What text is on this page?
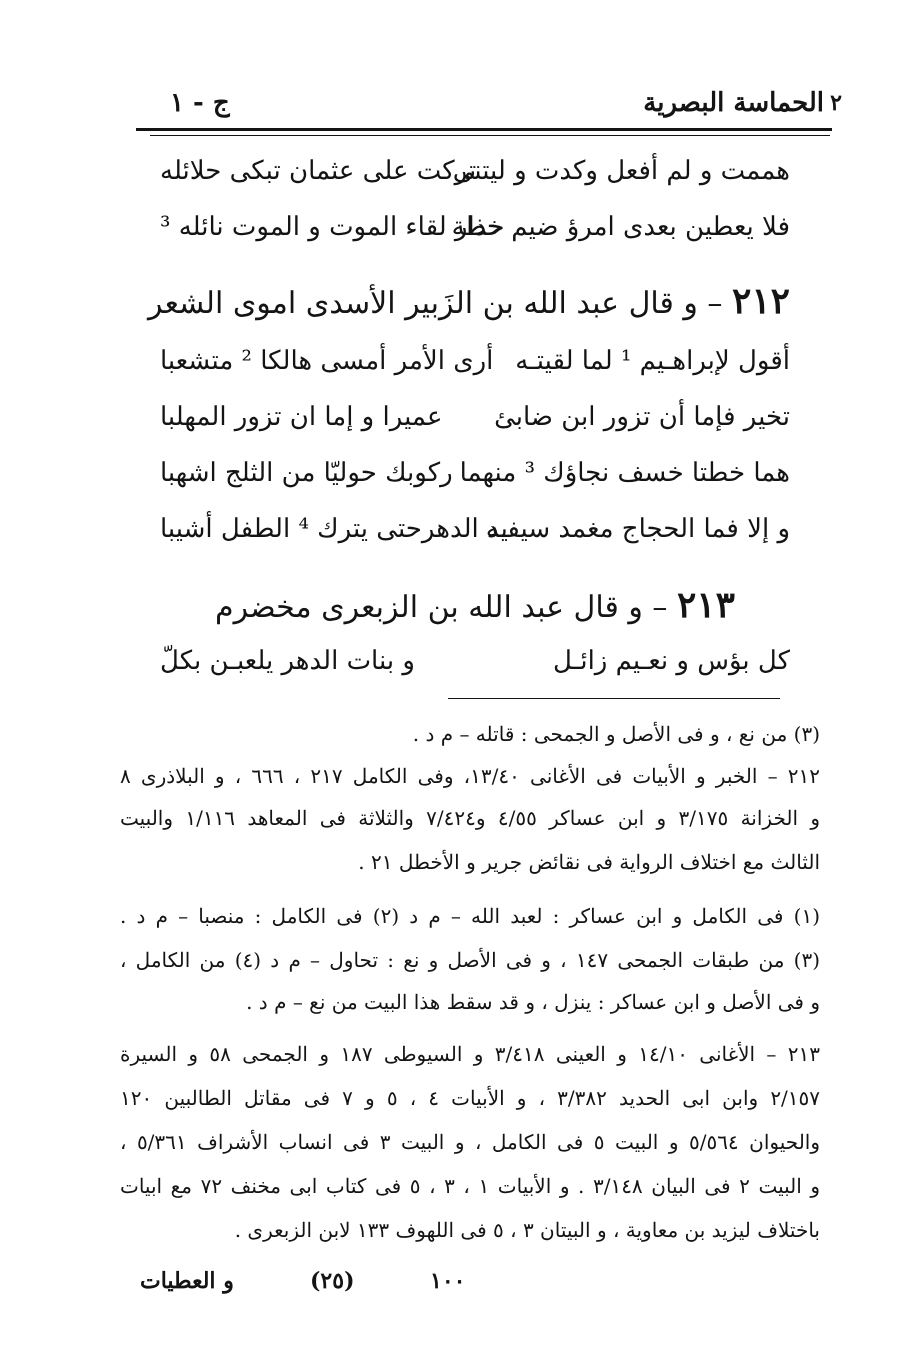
٢
الحماسة البصرية
ج - ١
هممت و لم أفعل وكدت و ليتنى
تركت على عثمان تبكى حلائله
فلا يعطين بعدى امرؤ ضيم خطة
حذار لقاء الموت و الموت نائله ³
٢١٢ – و قال عبد الله بن الزَبير الأسدى اموى الشعر
أقول لإبراهـيم ¹ لما لقيتـه
أرى الأمر أمسى هالكا ² متشعبا
تخير فإما أن تزور ابن ضابئ
عميرا و إما ان تزور المهلبا
هما خطتا خسف نجاؤك ³ منهما
ركوبك حوليّا من الثلج اشهبا
و إلا فما الحجاج مغمد سيفـه
يد الدهرحتى يترك ⁴ الطفل أشيبا
٢١٣ – و قال عبد الله بن الزبعرى مخضرم
كل بؤس و نعـيم زائـل
و بنات الدهر يلعبـن بكلّ
(٣) من نع ، و فى الأصل و الجمحى : قاتله – م د .
٢١٢ – الخبر و الأبيات فى الأغانى ١٣/٤٠، وفى الكامل ٢١٧ ، ٦٦٦ ، و البلاذرى ٨
و الخزانة ٣/١٧٥ و ابن عساكر ٤/٥٥ و٧/٤٢٤ والثلاثة فى المعاهد ١/١١٦ والبيت
الثالث مع اختلاف الرواية فى نقائض جرير و الأخطل ٢١ .
(١) فى الكامل و ابن عساكر : لعبد الله – م د (٢) فى الكامل : منصبا – م د .
(٣) من طبقات الجمحى ١٤٧ ، و فى الأصل و نع : تحاول – م د (٤) من الكامل ،
و فى الأصل و ابن عساكر : ينزل ، و قد سقط هذا البيت من نع – م د .
٢١٣ – الأغانى ١٤/١٠ و العينى ٣/٤١٨ و السيوطى ١٨٧ و الجمحى ٥٨ و السيرة
٢/١٥٧ وابن ابى الحديد ٣/٣٨٢ ، و الأبيات ٤ ، ٥ و ٧ فى مقاتل الطالبين ١٢٠
والحيوان ٥/٥٦٤ و البيت ٥ فى الكامل ، و البيت ٣ فى انساب الأشراف ٥/٣٦١ ،
و البيت ٢ فى البيان ٣/١٤٨ . و الأبيات ١ ، ٣ ، ٥ فى كتاب ابى مخنف ٧٢ مع ابيات
باختلاف ليزيد بن معاوية ، و البيتان ٣ ، ٥ فى اللهوف ١٣٣ لابن الزبعرى .
١٠٠
(٢٥)
و العطيات
